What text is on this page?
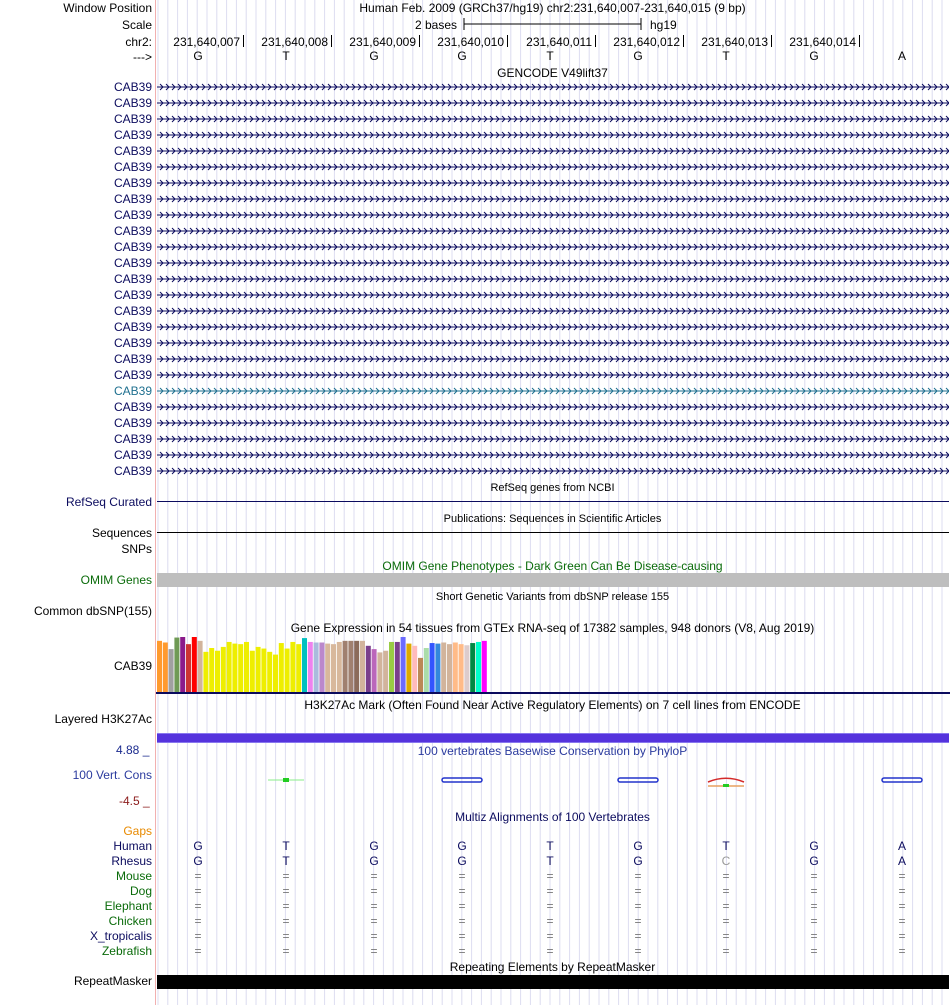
Window Position	Human Feb. 2009 (GRCh37/hg19) chr2:231,640,007-231,640,015 (9 bp)
Scale	2 bases	hg19
chr2:	231,640,007	231,640,008	231,640,009	231,640,010	231,640,011	231,640,012	231,640,013	231,640,014
--->	G	T	G	G	T	G	T	G	A
GENCODE V49lift37
CAB39
CAB39
CAB39
CAB39
CAB39
CAB39
CAB39
CAB39
CAB39
CAB39
CAB39
CAB39
CAB39
CAB39
CAB39
CAB39
CAB39
CAB39
CAB39
CAB39
CAB39
CAB39
CAB39
CAB39
CAB39
RefSeq genes from NCBI
RefSeq Curated
Publications: Sequences in Scientific Articles
Sequences
SNPs
OMIM Gene Phenotypes - Dark Green Can Be Disease-causing
OMIM Genes
Short Genetic Variants from dbSNP release 155
Common dbSNP(155)
Gene Expression in 54 tissues from GTEx RNA-seq of 17382 samples, 948 donors (V8, Aug 2019)
CAB39
H3K27Ac Mark (Often Found Near Active Regulatory Elements) on 7 cell lines from ENCODE
Layered H3K27Ac
4.88 _	100 vertebrates Basewise Conservation by PhyloP
100 Vert. Cons
-4.5 _
Multiz Alignments of 100 Vertebrates
Gaps
Human	G	T	G	G	T	G	T	G	A
Rhesus	G	T	G	G	T	G	C	G	A
Mouse	=	=	=	=	=	=	=	=	=
Dog	=	=	=	=	=	=	=	=	=
Elephant	=	=	=	=	=	=	=	=	=
Chicken	=	=	=	=	=	=	=	=	=
X_tropicalis	=	=	=	=	=	=	=	=	=
Zebrafish	=	=	=	=	=	=	=	=	=
Repeating Elements by RepeatMasker
RepeatMasker
